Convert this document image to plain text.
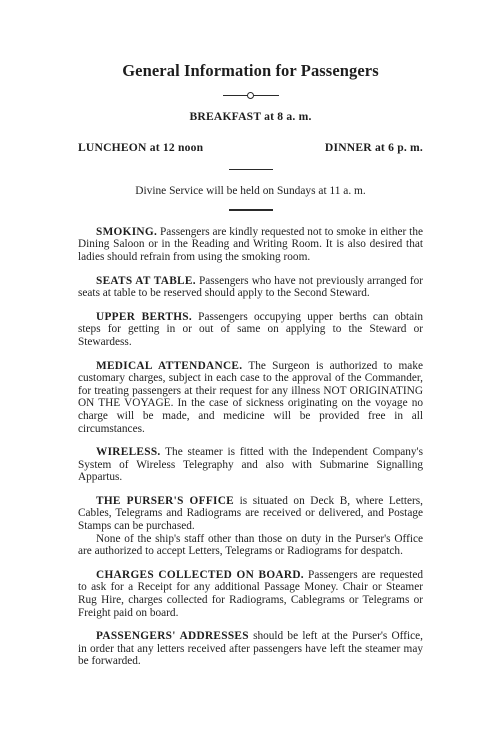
General Information for Passengers
BREAKFAST at 8 a. m.
LUNCHEON at 12 noon	DINNER at 6 p. m.
Divine Service will be held on Sundays at 11 a. m.

SMOKING. Passengers are kindly requested not to smoke in either the Dining Saloon or in the Reading and Writing Room. It is also desired that ladies should refrain from using the smoking room.

SEATS AT TABLE. Passengers who have not previously arranged for seats at table to be reserved should apply to the Second Steward.

UPPER BERTHS. Passengers occupying upper berths can obtain steps for getting in or out of same on applying to the Steward or Stewardess.

MEDICAL ATTENDANCE. The Surgeon is authorized to make customary charges, subject in each case to the approval of the Commander, for treating passengers at their request for any illness NOT ORIGINATING ON THE VOYAGE. In the case of sickness originating on the voyage no charge will be made, and medicine will be provided free in all circumstances.

WIRELESS. The steamer is fitted with the Independent Company's System of Wireless Telegraphy and also with Submarine Signalling Appartus.

THE PURSER'S OFFICE is situated on Deck B, where Letters, Cables, Telegrams and Radiograms are received or delivered, and Postage Stamps can be purchased.

None of the ship's staff other than those on duty in the Purser's Office are authorized to accept Letters, Telegrams or Radiograms for despatch.

CHARGES COLLECTED ON BOARD. Passengers are requested to ask for a Receipt for any additional Passage Money. Chair or Steamer Rug Hire, charges collected for Radiograms, Cablegrams or Telegrams or Freight paid on board.

PASSENGERS' ADDRESSES should be left at the Purser's Office, in order that any letters received after passengers have left the steamer may be forwarded.
